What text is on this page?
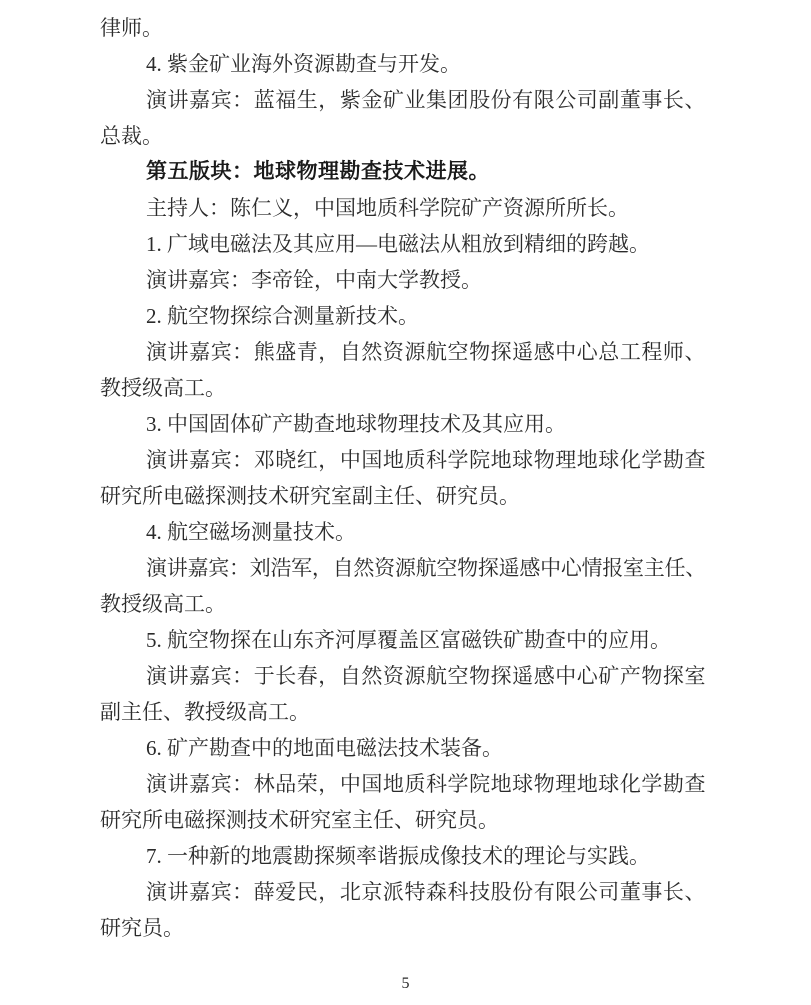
律师。
4. 紫金矿业海外资源勘查与开发。
演讲嘉宾：蓝福生，紫金矿业集团股份有限公司副董事长、
总裁。
第五版块：地球物理勘查技术进展。
主持人：陈仁义，中国地质科学院矿产资源所所长。
1. 广域电磁法及其应用—电磁法从粗放到精细的跨越。
演讲嘉宾：李帝铨，中南大学教授。
2. 航空物探综合测量新技术。
演讲嘉宾：熊盛青，自然资源航空物探遥感中心总工程师、
教授级高工。
3. 中国固体矿产勘查地球物理技术及其应用。
演讲嘉宾：邓晓红，中国地质科学院地球物理地球化学勘查
研究所电磁探测技术研究室副主任、研究员。
4. 航空磁场测量技术。
演讲嘉宾：刘浩军，自然资源航空物探遥感中心情报室主任、
教授级高工。
5. 航空物探在山东齐河厚覆盖区富磁铁矿勘查中的应用。
演讲嘉宾：于长春，自然资源航空物探遥感中心矿产物探室
副主任、教授级高工。
6. 矿产勘查中的地面电磁法技术装备。
演讲嘉宾：林品荣，中国地质科学院地球物理地球化学勘查
研究所电磁探测技术研究室主任、研究员。
7. 一种新的地震勘探频率谐振成像技术的理论与实践。
演讲嘉宾：薛爱民，北京派特森科技股份有限公司董事长、
研究员。
5
